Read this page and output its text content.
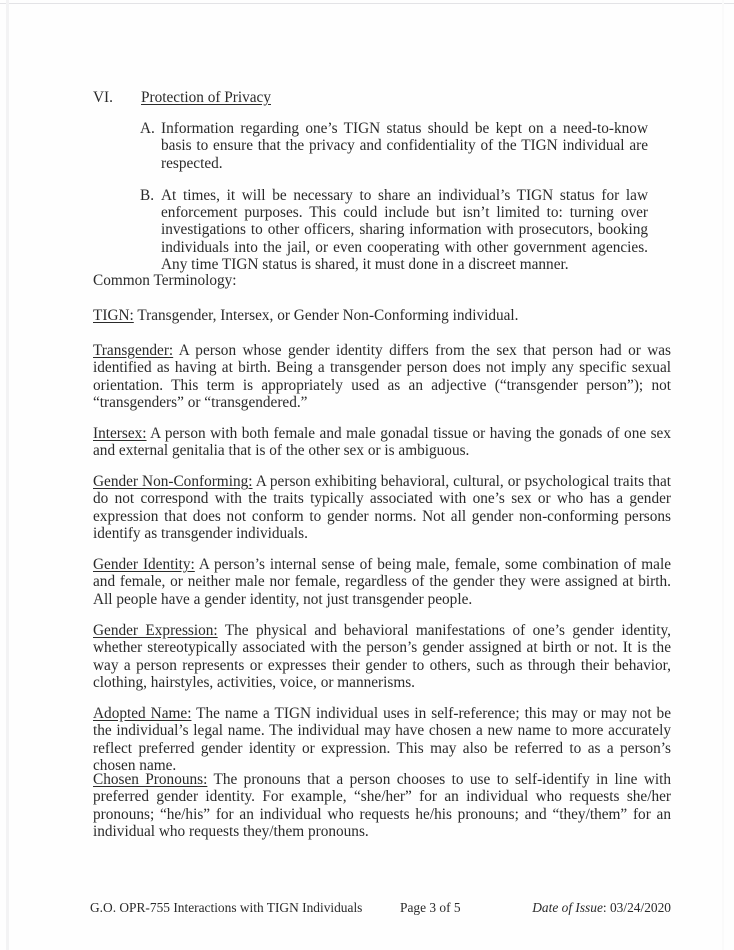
VI. Protection of Privacy
A. Information regarding one’s TIGN status should be kept on a need-to-know basis to ensure that the privacy and confidentiality of the TIGN individual are respected.
B. At times, it will be necessary to share an individual’s TIGN status for law enforcement purposes. This could include but isn’t limited to: turning over investigations to other officers, sharing information with prosecutors, booking individuals into the jail, or even cooperating with other government agencies. Any time TIGN status is shared, it must done in a discreet manner.
Common Terminology:
TIGN: Transgender, Intersex, or Gender Non-Conforming individual.
Transgender: A person whose gender identity differs from the sex that person had or was identified as having at birth. Being a transgender person does not imply any specific sexual orientation. This term is appropriately used as an adjective (“transgender person”); not “transgenders” or “transgendered.”
Intersex: A person with both female and male gonadal tissue or having the gonads of one sex and external genitalia that is of the other sex or is ambiguous.
Gender Non-Conforming: A person exhibiting behavioral, cultural, or psychological traits that do not correspond with the traits typically associated with one’s sex or who has a gender expression that does not conform to gender norms. Not all gender non-conforming persons identify as transgender individuals.
Gender Identity: A person’s internal sense of being male, female, some combination of male and female, or neither male nor female, regardless of the gender they were assigned at birth. All people have a gender identity, not just transgender people.
Gender Expression: The physical and behavioral manifestations of one’s gender identity, whether stereotypically associated with the person’s gender assigned at birth or not. It is the way a person represents or expresses their gender to others, such as through their behavior, clothing, hairstyles, activities, voice, or mannerisms.
Adopted Name: The name a TIGN individual uses in self-reference; this may or may not be the individual’s legal name. The individual may have chosen a new name to more accurately reflect preferred gender identity or expression. This may also be referred to as a person’s chosen name.
Chosen Pronouns: The pronouns that a person chooses to use to self-identify in line with preferred gender identity. For example, “she/her” for an individual who requests she/her pronouns; “he/his” for an individual who requests he/his pronouns; and “they/them” for an individual who requests they/them pronouns.
G.O. OPR-755 Interactions with TIGN Individuals	Page 3 of 5	Date of Issue: 03/24/2020
